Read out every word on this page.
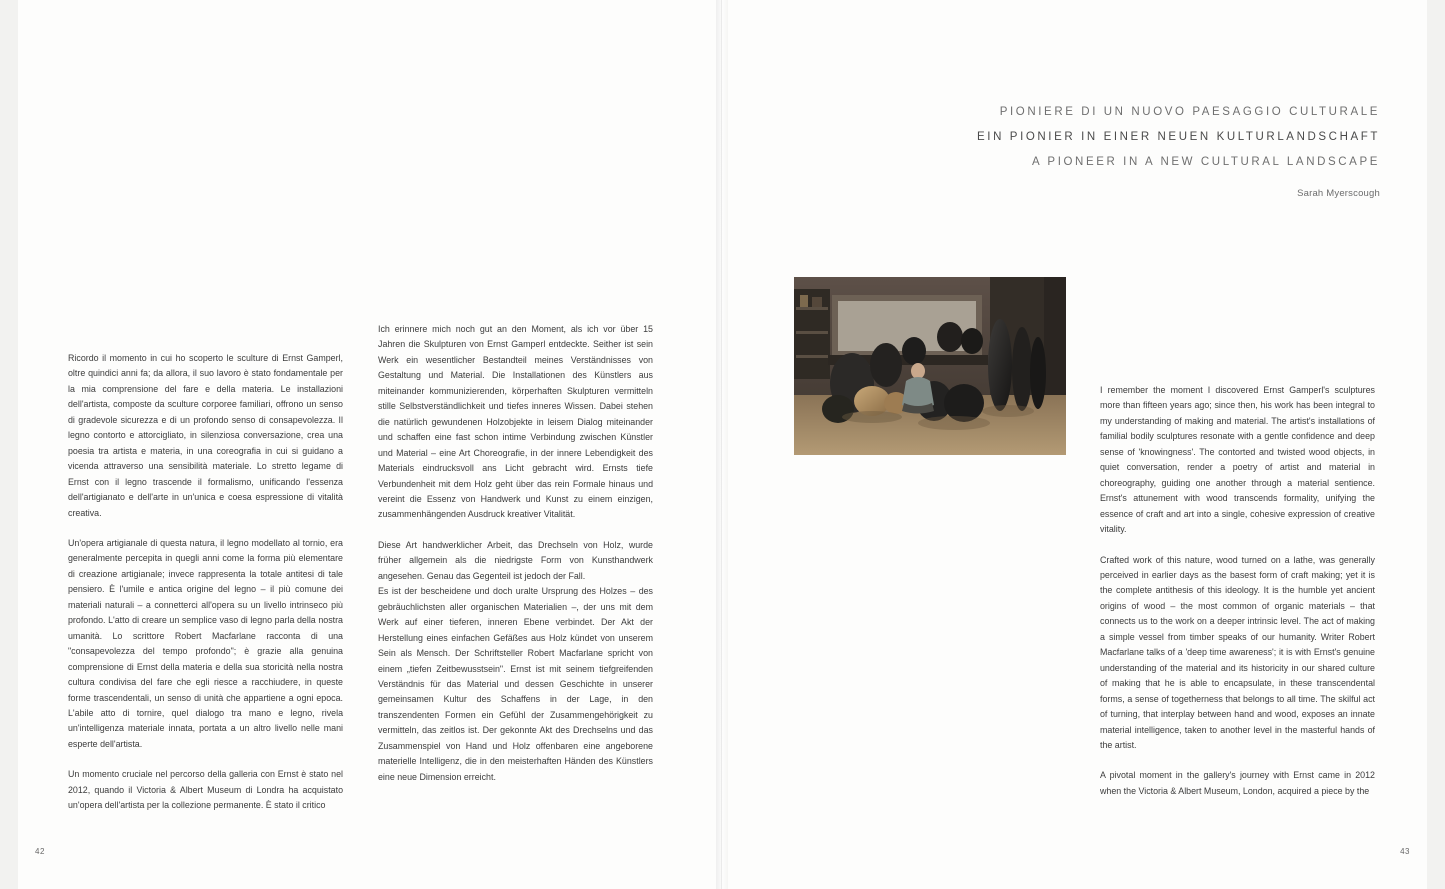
PIONIERE DI UN NUOVO PAESAGGIO CULTURALE
EIN PIONIER IN EINER NEUEN KULTURLANDSCHAFT
A PIONEER IN A NEW CULTURAL LANDSCAPE
Sarah Myerscough

Ricordo il momento in cui ho scoperto le sculture di Ernst Gamperl, oltre quindici anni fa; da allora, il suo lavoro è stato fondamentale per la mia comprensione del fare e della materia. Le installazioni dell'artista, composte da sculture corporee familiari, offrono un senso di gradevole sicurezza e di un profondo senso di consapevolezza. Il legno contorto e attorcigliato, in silenziosa conversazione, crea una poesia tra artista e materia, in una coreografia in cui si guidano a vicenda attraverso una sensibilità materiale. Lo stretto legame di Ernst con il legno trascende il formalismo, unificando l'essenza dell'artigianato e dell'arte in un'unica e coesa espressione di vitalità creativa.

Un'opera artigianale di questa natura, il legno modellato al tornio, era generalmente percepita in quegli anni come la forma più elementare di creazione artigianale; invece rappresenta la totale antitesi di tale pensiero. È l'umile e antica origine del legno – il più comune dei materiali naturali – a connetterci all'opera su un livello intrinseco più profondo. L'atto di creare un semplice vaso di legno parla della nostra umanità. Lo scrittore Robert Macfarlane racconta di una "consapevolezza del tempo profondo"; è grazie alla genuina comprensione di Ernst della materia e della sua storicità nella nostra cultura condivisa del fare che egli riesce a racchiudere, in queste forme trascendentali, un senso di unità che appartiene a ogni epoca. L'abile atto di tornire, quel dialogo tra mano e legno, rivela un'intelligenza materiale innata, portata a un altro livello nelle mani esperte dell'artista.

Un momento cruciale nel percorso della galleria con Ernst è stato nel 2012, quando il Victoria & Albert Museum di Londra ha acquistato un'opera dell'artista per la collezione permanente. È stato il critico

Ich erinnere mich noch gut an den Moment, als ich vor über 15 Jahren die Skulpturen von Ernst Gamperl entdeckte. Seither ist sein Werk ein wesentlicher Bestandteil meines Verständnisses von Gestaltung und Material. Die Installationen des Künstlers aus miteinander kommunizierenden, körperhaften Skulpturen vermitteln stille Selbstverständlichkeit und tiefes inneres Wissen. Dabei stehen die natürlich gewundenen Holzobjekte in leisem Dialog miteinander und schaffen eine fast schon intime Verbindung zwischen Künstler und Material – eine Art Choreografie, in der innere Lebendigkeit des Materials eindrucksvoll ans Licht gebracht wird. Ernsts tiefe Verbundenheit mit dem Holz geht über das rein Formale hinaus und vereint die Essenz von Handwerk und Kunst zu einem einzigen, zusammenhängenden Ausdruck kreativer Vitalität.

Diese Art handwerklicher Arbeit, das Drechseln von Holz, wurde früher allgemein als die niedrigste Form von Kunsthandwerk angesehen. Genau das Gegenteil ist jedoch der Fall.

Es ist der bescheidene und doch uralte Ursprung des Holzes – des gebräuchlichsten aller organischen Materialien –, der uns mit dem Werk auf einer tieferen, inneren Ebene verbindet. Der Akt der Herstellung eines einfachen Gefäßes aus Holz kündet von unserem Sein als Mensch. Der Schriftsteller Robert Macfarlane spricht von einem „tiefen Zeitbewusstsein". Ernst ist mit seinem tiefgreifenden Verständnis für das Material und dessen Geschichte in unserer gemeinsamen Kultur des Schaffens in der Lage, in den transzendenten Formen ein Gefühl der Zusammengehörigkeit zu vermitteln, das zeitlos ist. Der gekonnte Akt des Drechselns und das Zusammenspiel von Hand und Holz offenbaren eine angeborene materielle Intelligenz, die in den meisterhaften Händen des Künstlers eine neue Dimension erreicht.

I remember the moment I discovered Ernst Gamperl's sculptures more than fifteen years ago; since then, his work has been integral to my understanding of making and material. The artist's installations of familial bodily sculptures resonate with a gentle confidence and deep sense of 'knowingness'. The contorted and twisted wood objects, in quiet conversation, render a poetry of artist and material in choreography, guiding one another through a material sentience. Ernst's attunement with wood transcends formality, unifying the essence of craft and art into a single, cohesive expression of creative vitality.

Crafted work of this nature, wood turned on a lathe, was generally perceived in earlier days as the basest form of craft making; yet it is the complete antithesis of this ideology. It is the humble yet ancient origins of wood – the most common of organic materials – that connects us to the work on a deeper intrinsic level. The act of making a simple vessel from timber speaks of our humanity. Writer Robert Macfarlane talks of a 'deep time awareness'; it is with Ernst's genuine understanding of the material and its historicity in our shared culture of making that he is able to encapsulate, in these transcendental forms, a sense of togetherness that belongs to all time. The skilful act of turning, that interplay between hand and wood, exposes an innate material intelligence, taken to another level in the masterful hands of the artist.

A pivotal moment in the gallery's journey with Ernst came in 2012 when the Victoria & Albert Museum, London, acquired a piece by the

42	43
